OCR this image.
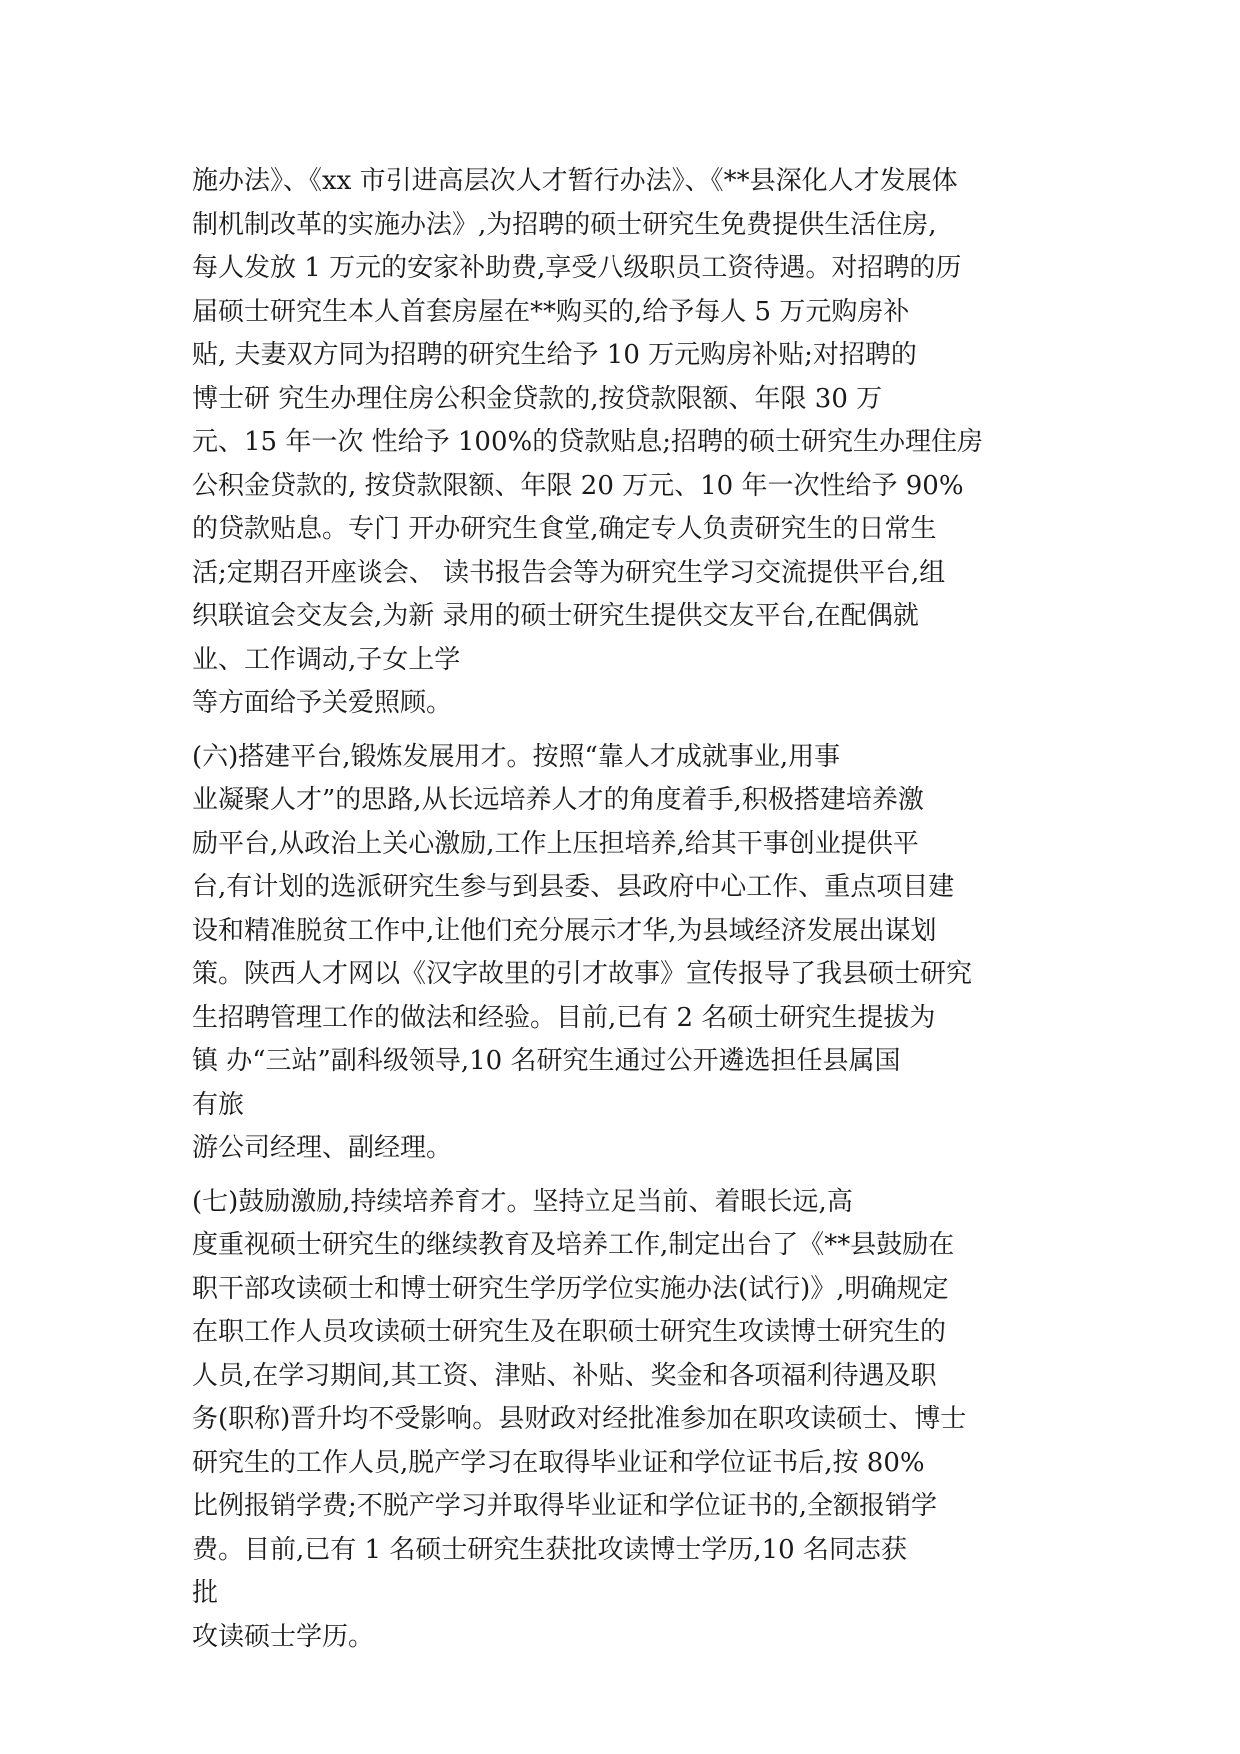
施办法》、《xx 市引进高层次人才暂行办法》、《**县深化人才发展体
制机制改革的实施办法》,为招聘的硕士研究生免费提供生活住房,
每人发放 1 万元的安家补助费,享受八级职员工资待遇。对招聘的历
届硕士研究生本人首套房屋在**购买的,给予每人 5 万元购房补
贴, 夫妻双方同为招聘的研究生给予 10 万元购房补贴;对招聘的
博士研 究生办理住房公积金贷款的,按贷款限额、年限 30 万
元、15 年一次 性给予 100%的贷款贴息;招聘的硕士研究生办理住房
公积金贷款的, 按贷款限额、年限 20 万元、10 年一次性给予 90%
的贷款贴息。专门 开办研究生食堂,确定专人负责研究生的日常生
活;定期召开座谈会、 读书报告会等为研究生学习交流提供平台,组
织联谊会交友会,为新 录用的硕士研究生提供交友平台,在配偶就
业、工作调动,子女上学
等方面给予关爱照顾。
(六)搭建平台,锻炼发展用才。按照“靠人才成就事业,用事
业凝聚人才”的思路,从长远培养人才的角度着手,积极搭建培养激
励平台,从政治上关心激励,工作上压担培养,给其干事创业提供平
台,有计划的选派研究生参与到县委、县政府中心工作、重点项目建
设和精准脱贫工作中,让他们充分展示才华,为县域经济发展出谋划
策。陕西人才网以《汉字故里的引才故事》宣传报导了我县硕士研究
生招聘管理工作的做法和经验。目前,已有 2 名硕士研究生提拔为
镇 办“三站”副科级领导,10 名研究生通过公开遴选担任县属国
有旅
游公司经理、副经理。
(七)鼓励激励,持续培养育才。坚持立足当前、着眼长远,高
度重视硕士研究生的继续教育及培养工作,制定出台了《**县鼓励在
职干部攻读硕士和博士研究生学历学位实施办法(试行)》,明确规定
在职工作人员攻读硕士研究生及在职硕士研究生攻读博士研究生的
人员,在学习期间,其工资、津贴、补贴、奖金和各项福利待遇及职
务(职称)晋升均不受影响。县财政对经批准参加在职攻读硕士、博士
研究生的工作人员,脱产学习在取得毕业证和学位证书后,按 80%
比例报销学费;不脱产学习并取得毕业证和学位证书的,全额报销学
费。目前,已有 1 名硕士研究生获批攻读博士学历,10 名同志获
批
攻读硕士学历。
